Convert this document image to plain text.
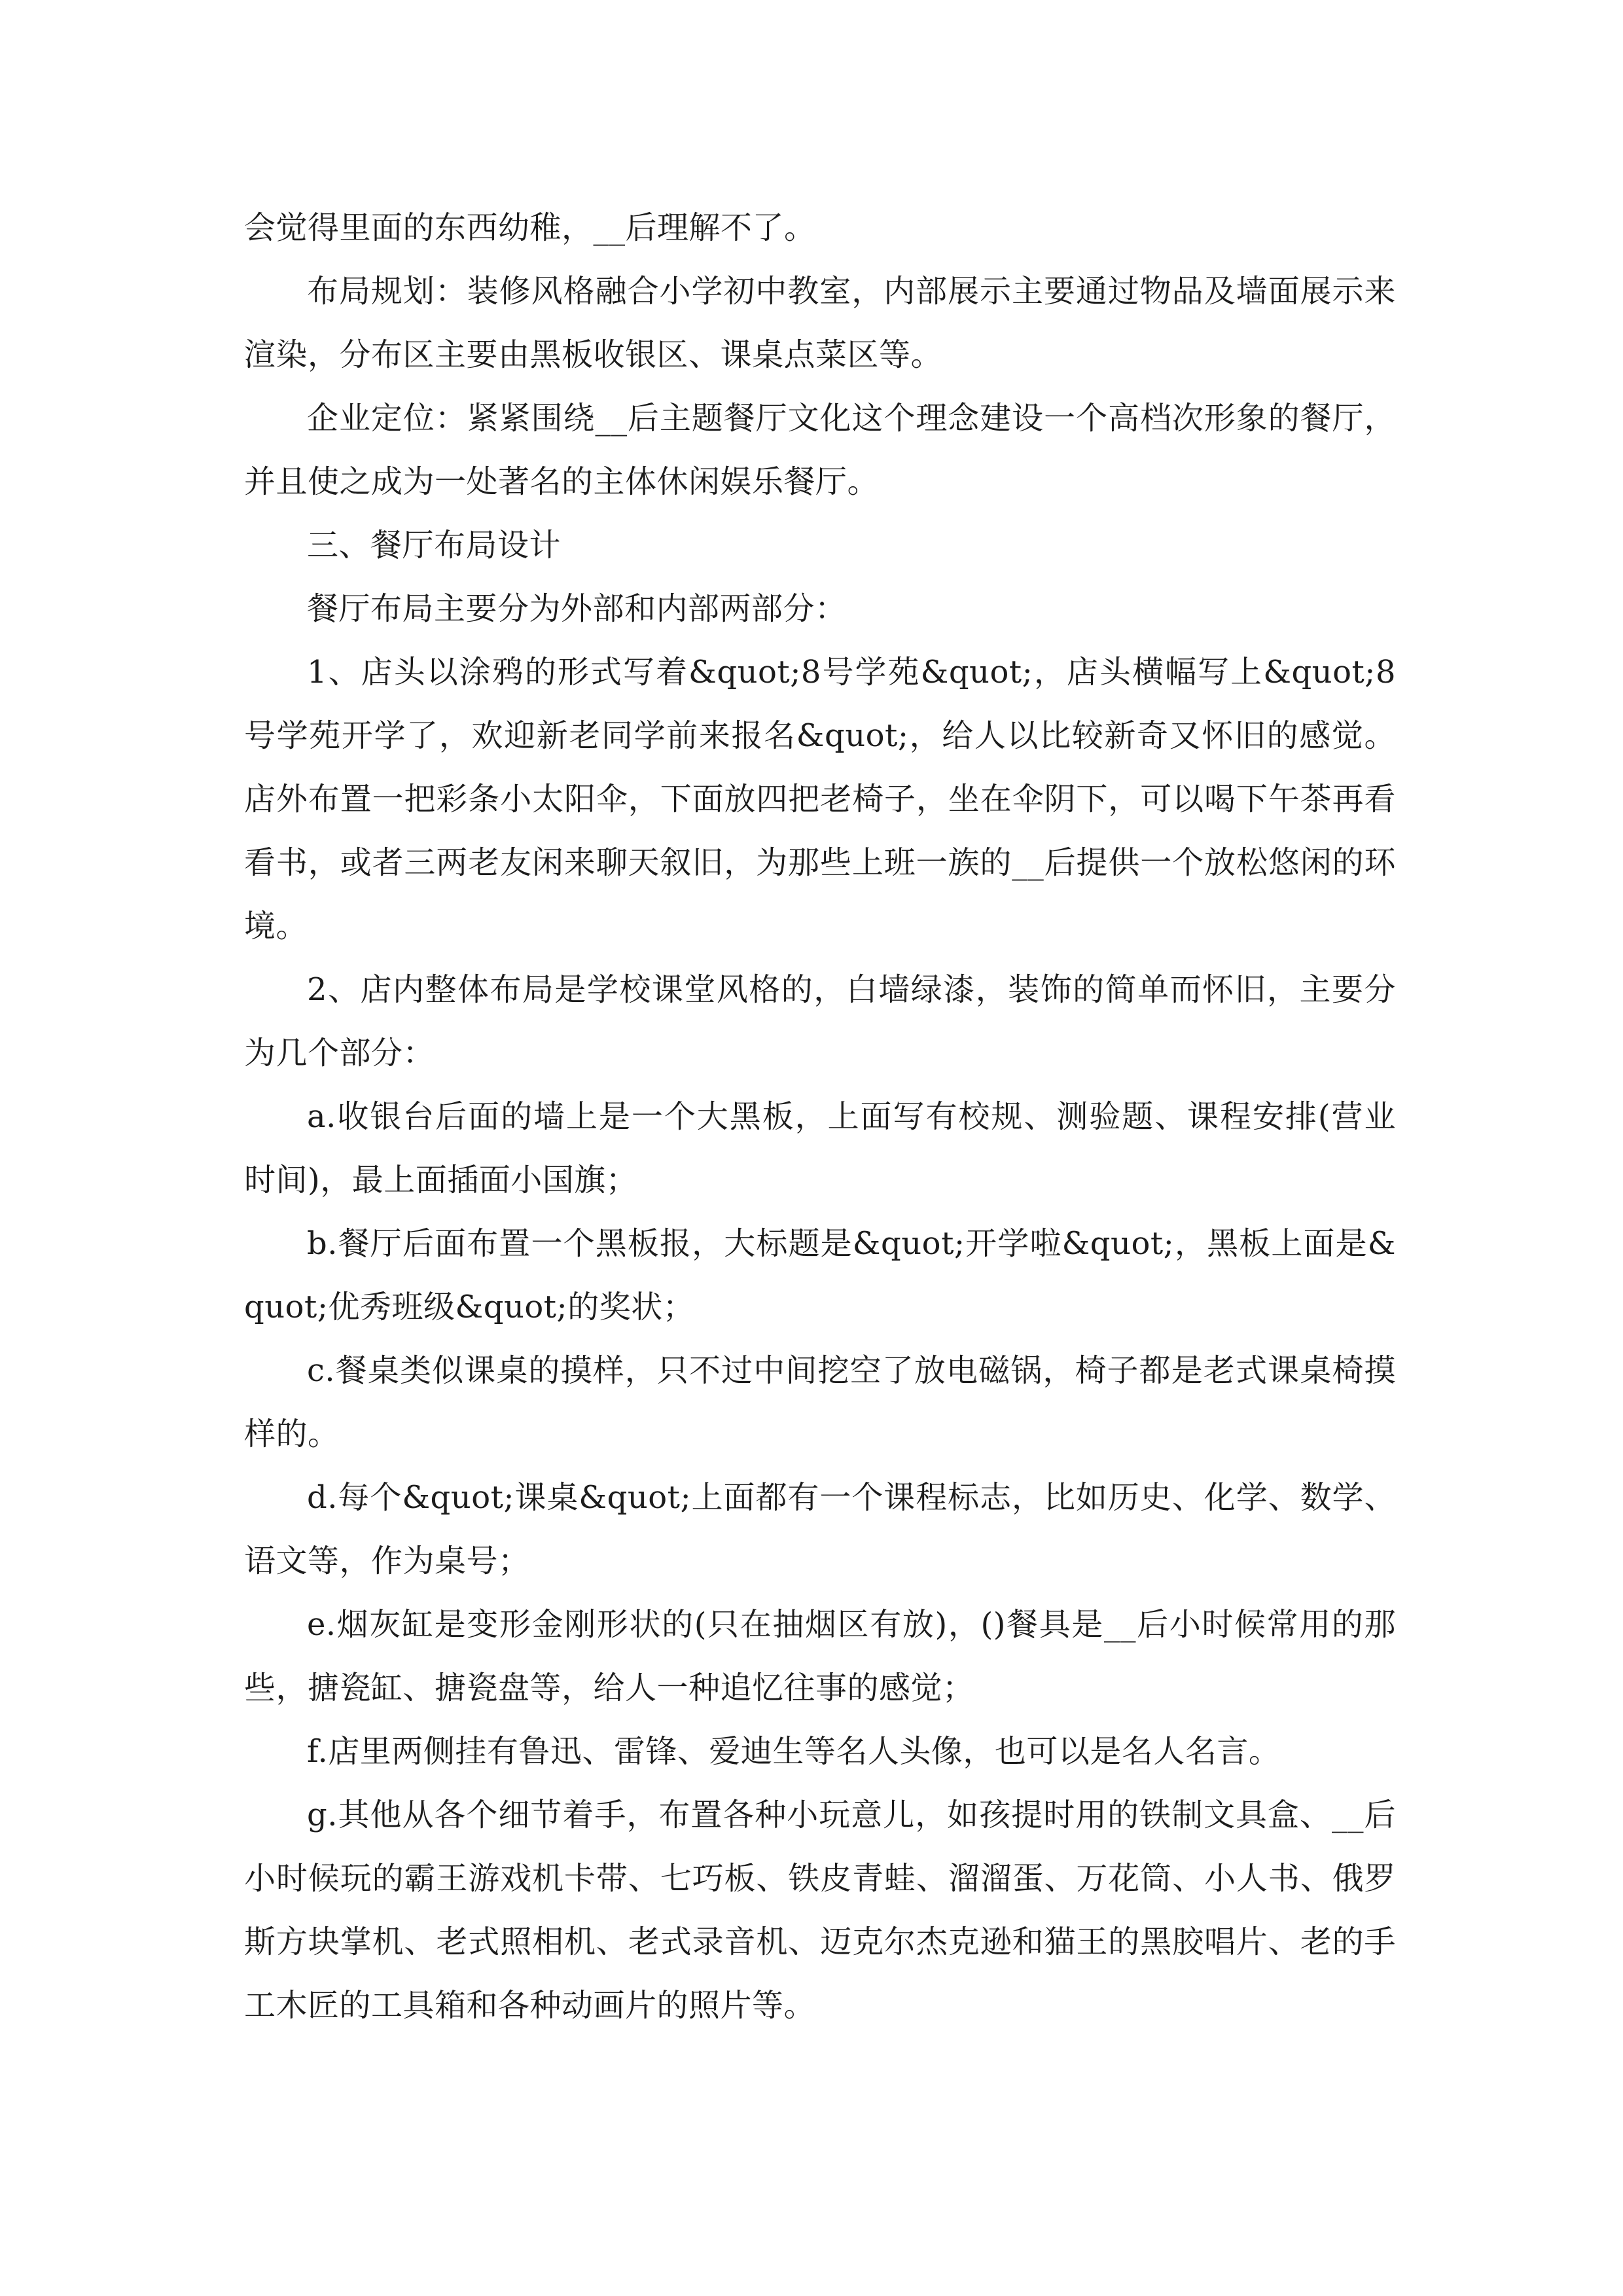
会觉得里面的东西幼稚，__后理解不了。

布局规划：装修风格融合小学初中教室，内部展示主要通过物品及墙面展示来渲染，分布区主要由黑板收银区、课桌点菜区等。

企业定位：紧紧围绕__后主题餐厅文化这个理念建设一个高档次形象的餐厅，并且使之成为一处著名的主体休闲娱乐餐厅。

三、餐厅布局设计

餐厅布局主要分为外部和内部两部分：

1、店头以涂鸦的形式写着&quot;8号学苑&quot;，店头横幅写上&quot;8号学苑开学了，欢迎新老同学前来报名&quot;，给人以比较新奇又怀旧的感觉。店外布置一把彩条小太阳伞，下面放四把老椅子，坐在伞阴下，可以喝下午茶再看看书，或者三两老友闲来聊天叙旧，为那些上班一族的__后提供一个放松悠闲的环境。

2、店内整体布局是学校课堂风格的，白墙绿漆，装饰的简单而怀旧，主要分为几个部分：

a.收银台后面的墙上是一个大黑板，上面写有校规、测验题、课程安排(营业时间)，最上面插面小国旗；

b.餐厅后面布置一个黑板报，大标题是&quot;开学啦&quot;，黑板上面是&quot;优秀班级&quot;的奖状；

c.餐桌类似课桌的摸样，只不过中间挖空了放电磁锅，椅子都是老式课桌椅摸样的。

d.每个&quot;课桌&quot;上面都有一个课程标志，比如历史、化学、数学、语文等，作为桌号；

e.烟灰缸是变形金刚形状的(只在抽烟区有放)，()餐具是__后小时候常用的那些，搪瓷缸、搪瓷盘等，给人一种追忆往事的感觉；

f.店里两侧挂有鲁迅、雷锋、爱迪生等名人头像，也可以是名人名言。

g.其他从各个细节着手，布置各种小玩意儿，如孩提时用的铁制文具盒、__后小时候玩的霸王游戏机卡带、七巧板、铁皮青蛙、溜溜蛋、万花筒、小人书、俄罗斯方块掌机、老式照相机、老式录音机、迈克尔杰克逊和猫王的黑胶唱片、老的手工木匠的工具箱和各种动画片的照片等。
